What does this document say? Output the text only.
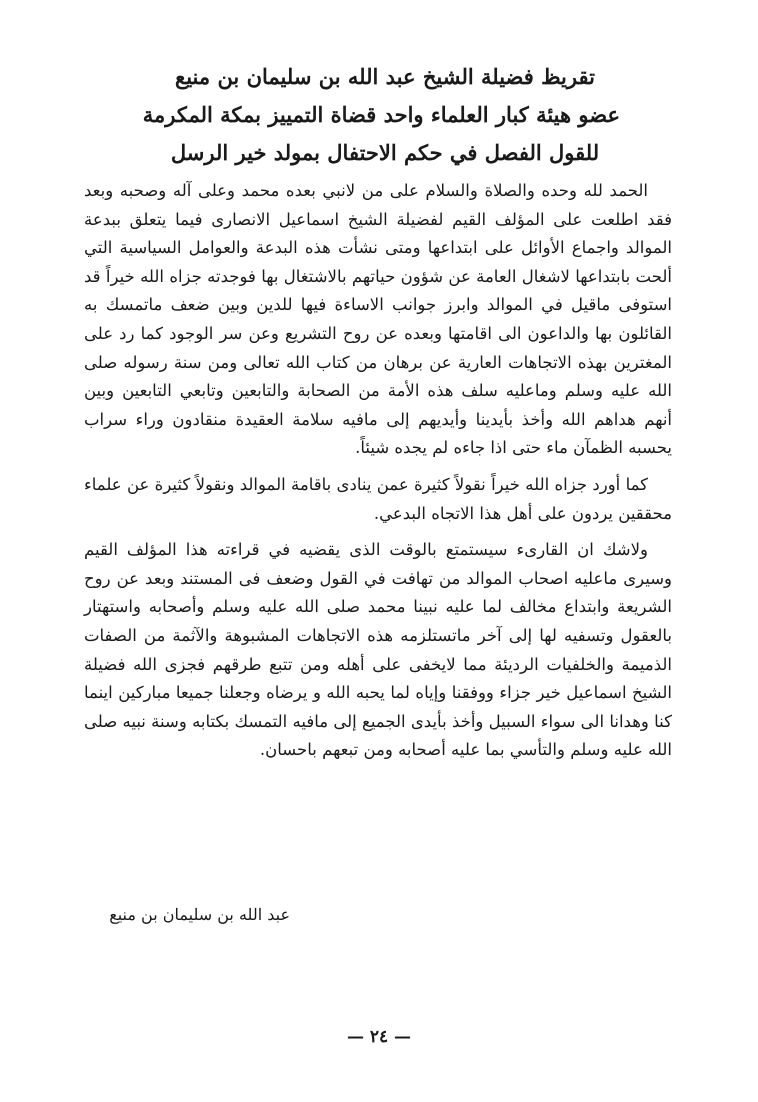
تقريظ فضيلة الشيخ عبد الله بن سليمان بن منيع
عضو هيئة كبار العلماء واحد قضاة التمييز بمكة المكرمة
للقول الفصل في حكم الاحتفال بمولد خير الرسل

الحمد لله وحده والصلاة والسلام على من لانبي بعده محمد وعلى آله وصحبه وبعد فقد اطلعت على المؤلف القيم لفضيلة الشيخ اسماعيل الانصارى فيما يتعلق ببدعة الموالد واجماع الأوائل على ابتداعها ومتى نشأت هذه البدعة والعوامل السياسية التي ألحت بابتداعها لاشغال العامة عن شؤون حياتهم بالاشتغال بها فوجدته جزاه الله خيراً قد استوفى ماقيل في الموالد وابرز جوانب الاساءة فيها للدين وبين ضعف ماتمسك به القائلون بها والداعون الى اقامتها وبعده عن روح التشريع وعن سر الوجود كما رد على المغترين بهذه الاتجاهات العارية عن برهان من كتاب الله تعالى ومن سنة رسوله صلى الله عليه وسلم وماعليه سلف هذه الأمة من الصحابة والتابعين وتابعي التابعين وبين أنهم هداهم الله وأخذ بأيدينا وأيديهم إلى مافيه سلامة العقيدة منقادون وراء سراب يحسبه الظمآن ماء حتى اذا جاءه لم يجده شيئاً.

كما أورد جزاه الله خيراً نقولاً كثيرة عمن ينادى باقامة الموالد ونقولاً كثيرة عن علماء محققين يردون على أهل هذا الاتجاه البدعي.

ولاشك ان القارىء سيستمتع بالوقت الذى يقضيه في قراءته هذا المؤلف القيم وسيرى ماعليه اصحاب الموالد من تهافت في القول وضعف فى المستند وبعد عن روح الشريعة وابتداع مخالف لما عليه نبينا محمد صلى الله عليه وسلم وأصحابه واستهتار بالعقول وتسفيه لها إلى آخر ماتستلزمه هذه الاتجاهات المشبوهة والآثمة من الصفات الذميمة والخلفيات الرديئة مما لايخفى على أهله ومن تتبع طرقهم فجزى الله فضيلة الشيخ اسماعيل خير جزاء ووفقنا وإياه لما يحبه الله و يرضاه وجعلنا جميعا مباركين اينما كنا وهدانا الى سواء السبيل وأخذ بأيدى الجميع إلى مافيه التمسك بكتابه وسنة نبيه صلى الله عليه وسلم والتأسي بما عليه أصحابه ومن تبعهم باحسان.

عبد الله بن سليمان بن منيع
— ٢٤ —
